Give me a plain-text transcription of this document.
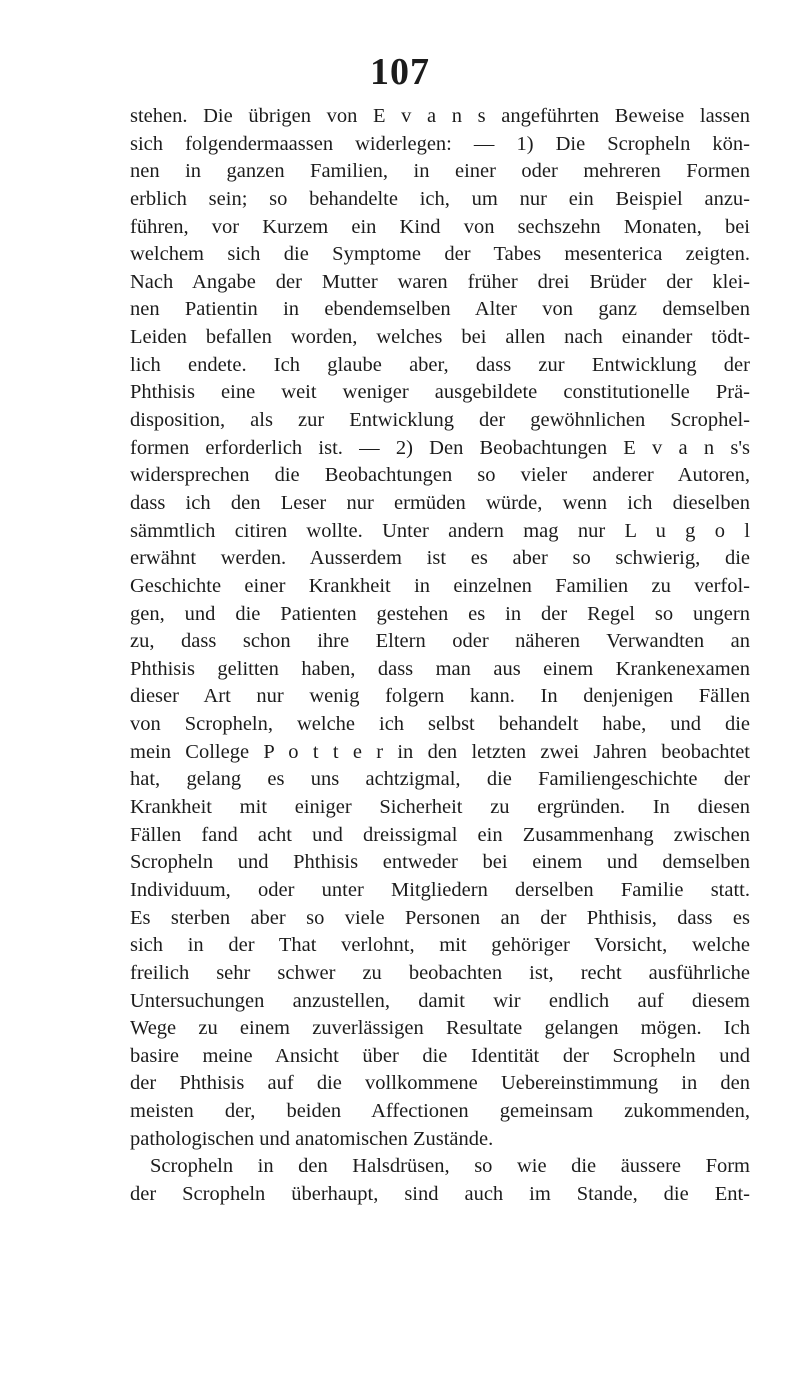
107
stehen. Die übrigen von E v a n s angeführten Beweise lassen
sich folgendermaassen widerlegen: — 1) Die Scropheln kön-
nen in ganzen Familien, in einer oder mehreren Formen
erblich sein; so behandelte ich, um nur ein Beispiel anzu-
führen, vor Kurzem ein Kind von sechszehn Monaten, bei
welchem sich die Symptome der Tabes mesenterica zeigten.
Nach Angabe der Mutter waren früher drei Brüder der klei-
nen Patientin in ebendemselben Alter von ganz demselben
Leiden befallen worden, welches bei allen nach einander tödt-
lich endete. Ich glaube aber, dass zur Entwicklung der
Phthisis eine weit weniger ausgebildete constitutionelle Prä-
disposition, als zur Entwicklung der gewöhnlichen Scrophel-
formen erforderlich ist. — 2) Den Beobachtungen E v a n s's
widersprechen die Beobachtungen so vieler anderer Autoren,
dass ich den Leser nur ermüden würde, wenn ich dieselben
sämmtlich citiren wollte. Unter andern mag nur L u g o l
erwähnt werden. Ausserdem ist es aber so schwierig, die
Geschichte einer Krankheit in einzelnen Familien zu verfol-
gen, und die Patienten gestehen es in der Regel so ungern
zu, dass schon ihre Eltern oder näheren Verwandten an
Phthisis gelitten haben, dass man aus einem Krankenexamen
dieser Art nur wenig folgern kann. In denjenigen Fällen
von Scropheln, welche ich selbst behandelt habe, und die
mein College P o t t e r in den letzten zwei Jahren beobachtet
hat, gelang es uns achtzigmal, die Familiengeschichte der
Krankheit mit einiger Sicherheit zu ergründen. In diesen
Fällen fand acht und dreissigmal ein Zusammenhang zwischen
Scropheln und Phthisis entweder bei einem und demselben
Individuum, oder unter Mitgliedern derselben Familie statt.
Es sterben aber so viele Personen an der Phthisis, dass es
sich in der That verlohnt, mit gehöriger Vorsicht, welche
freilich sehr schwer zu beobachten ist, recht ausführliche
Untersuchungen anzustellen, damit wir endlich auf diesem
Wege zu einem zuverlässigen Resultate gelangen mögen. Ich
basire meine Ansicht über die Identität der Scropheln und
der Phthisis auf die vollkommene Uebereinstimmung in den
meisten der, beiden Affectionen gemeinsam zukommenden,
pathologischen und anatomischen Zustände.
Scropheln in den Halsdrüsen, so wie die äussere Form
der Scropheln überhaupt, sind auch im Stande, die Ent-
